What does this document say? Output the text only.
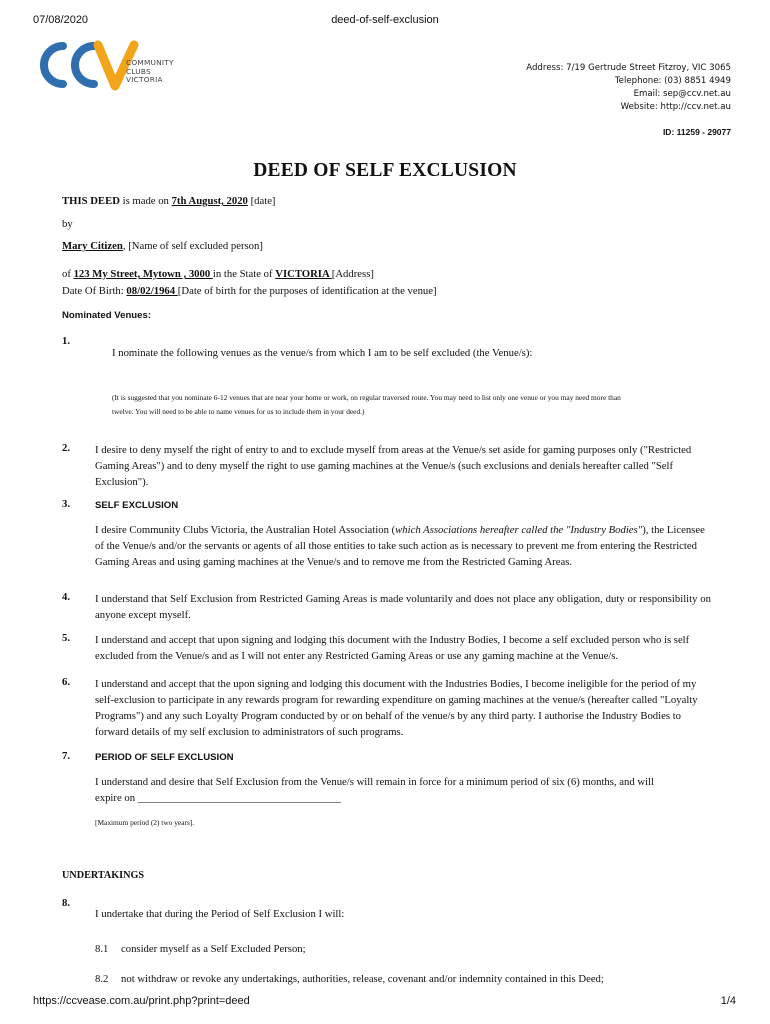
07/08/2020	deed-of-self-exclusion
COMMUNITY
CLUBS
VICTORIA
Address: 7/19 Gertrude Street Fitzroy, VIC 3065
Telephone: (03) 8851 4949
Email: sep@ccv.net.au
Website: http://ccv.net.au
ID: 11259 - 29077
DEED OF SELF EXCLUSION
THIS DEED is made on 7th August, 2020 [date]
by
Mary Citizen, [Name of self excluded person]
of 123 My Street, Mytown , 3000 in the State of VICTORIA [Address]
Date Of Birth: 08/02/1964 [Date of birth for the purposes of identification at the venue]
Nominated Venues:
1.
I nominate the following venues as the venue/s from which I am to be self excluded (the Venue/s):
(It is suggested that you nominate 6-12 venues that are near your home or work, on regular traversed route. You may need to list only one venue or you may need more than twelve. You will need to be able to name venues for us to include them in your deed.)
2. I desire to deny myself the right of entry to and to exclude myself from areas at the Venue/s set aside for gaming purposes only ("Restricted Gaming Areas") and to deny myself the right to use gaming machines at the Venue/s (such exclusions and denials hereafter called "Self Exclusion").
3.	SELF EXCLUSION
I desire Community Clubs Victoria, the Australian Hotel Association (which Associations hereafter called the "Industry Bodies"), the Licensee of the Venue/s and/or the servants or agents of all those entities to take such action as is necessary to prevent me from entering the Restricted Gaming Areas and using gaming machines at the Venue/s and to remove me from the Restricted Gaming Areas.
4. I understand that Self Exclusion from Restricted Gaming Areas is made voluntarily and does not place any obligation, duty or responsibility on anyone except myself.
5. I understand and accept that upon signing and lodging this document with the Industry Bodies, I become a self excluded person who is self excluded from the Venue/s and as I will not enter any Restricted Gaming Areas or use any gaming machine at the Venue/s.
6. I understand and accept that the upon signing and lodging this document with the Industries Bodies, I become ineligible for the period of my self-exclusion to participate in any rewards program for rewarding expenditure on gaming machines at the venue/s (hereafter called "Loyalty Programs") and any such Loyalty Program conducted by or on behalf of the venue/s by any third party. I authorise the Industry Bodies to forward details of my self exclusion to administrators of such programs.
7.	PERIOD OF SELF EXCLUSION
I understand and desire that Self Exclusion from the Venue/s will remain in force for a minimum period of six (6) months, and will
expire on ______________________________________
[Maximum period (2) two years].
UNDERTAKINGS
8.
I undertake that during the Period of Self Exclusion I will:
8.1 consider myself as a Self Excluded Person;
8.2 not withdraw or revoke any undertakings, authorities, release, covenant and/or indemnity contained in this Deed;
https://ccvease.com.au/print.php?print=deed	1/4
